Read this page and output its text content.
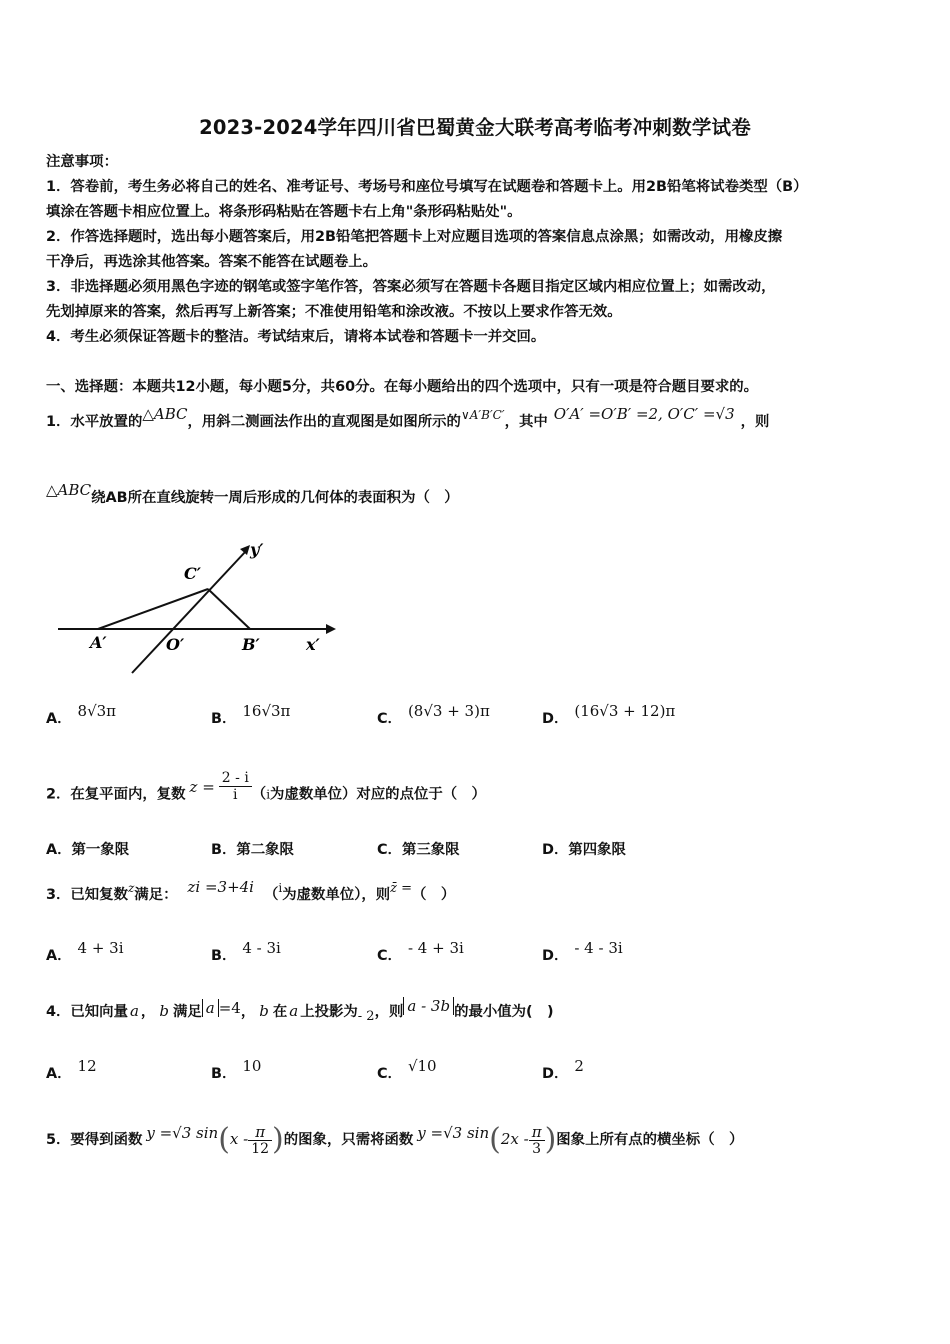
2023-2024学年四川省巴蜀黄金大联考高考临考冲刺数学试卷
注意事项：
1．答卷前，考生务必将自己的姓名、准考证号、考场号和座位号填写在试题卷和答题卡上。用2B铅笔将试卷类型（B）
填涂在答题卡相应位置上。将条形码粘贴在答题卡右上角"条形码粘贴处"。
2．作答选择题时，选出每小题答案后，用2B铅笔把答题卡上对应题目选项的答案信息点涂黑；如需改动，用橡皮擦
干净后，再选涂其他答案。答案不能答在试题卷上。
3．非选择题必须用黑色字迹的钢笔或签字笔作答，答案必须写在答题卡各题目指定区域内相应位置上；如需改动，
先划掉原来的答案，然后再写上新答案；不准使用铅笔和涂改液。不按以上要求作答无效。
4．考生必须保证答题卡的整洁。考试结束后，请将本试卷和答题卡一并交回。
一、选择题：本题共12小题，每小题5分，共60分。在每小题给出的四个选项中，只有一项是符合题目要求的。
1．水平放置的△ABC，用斜二测画法作出的直观图是如图所示的$^{\vee A'B'C'}$，其中 O′A′ =O′B′ =2, O′C′ =√3 ，则
△ABC绕AB所在直线旋转一周后形成的几何体的表面积为（　）
y′
C′
A′	O′	B′	x′
A． 8√3π	B． 16√3π	C． (8√3 + 3)π	D． (16√3 + 12)π
2．在复平面内，复数 $z = \frac{2 - i}{i} (i$为虚数单位）对应的点位于（　）
A．第一象限	B．第二象限	C．第三象限	D．第四象限
3．已知复数$^z$满足： zi =3+4i （$^i$为虚数单位），则z̄ =（　）
A． 4 + 3i	B． 4 - 3i	C． - 4 + 3i	D． - 4 - 3i
4．已知向量 a ， b 满足 a =4， b 在 a 上投影为- 2，则 a - 3b 的最小值为(　)
A． 12	B． 10	C． √10	D． 2
5．要得到函数 y =√3 $\sin(x - \frac{\pi}{12}$ )的图象，只需将函数 y =√3 $\sin(2x - \frac{\pi}{3}$ )图象上所有点的横坐标（　）
